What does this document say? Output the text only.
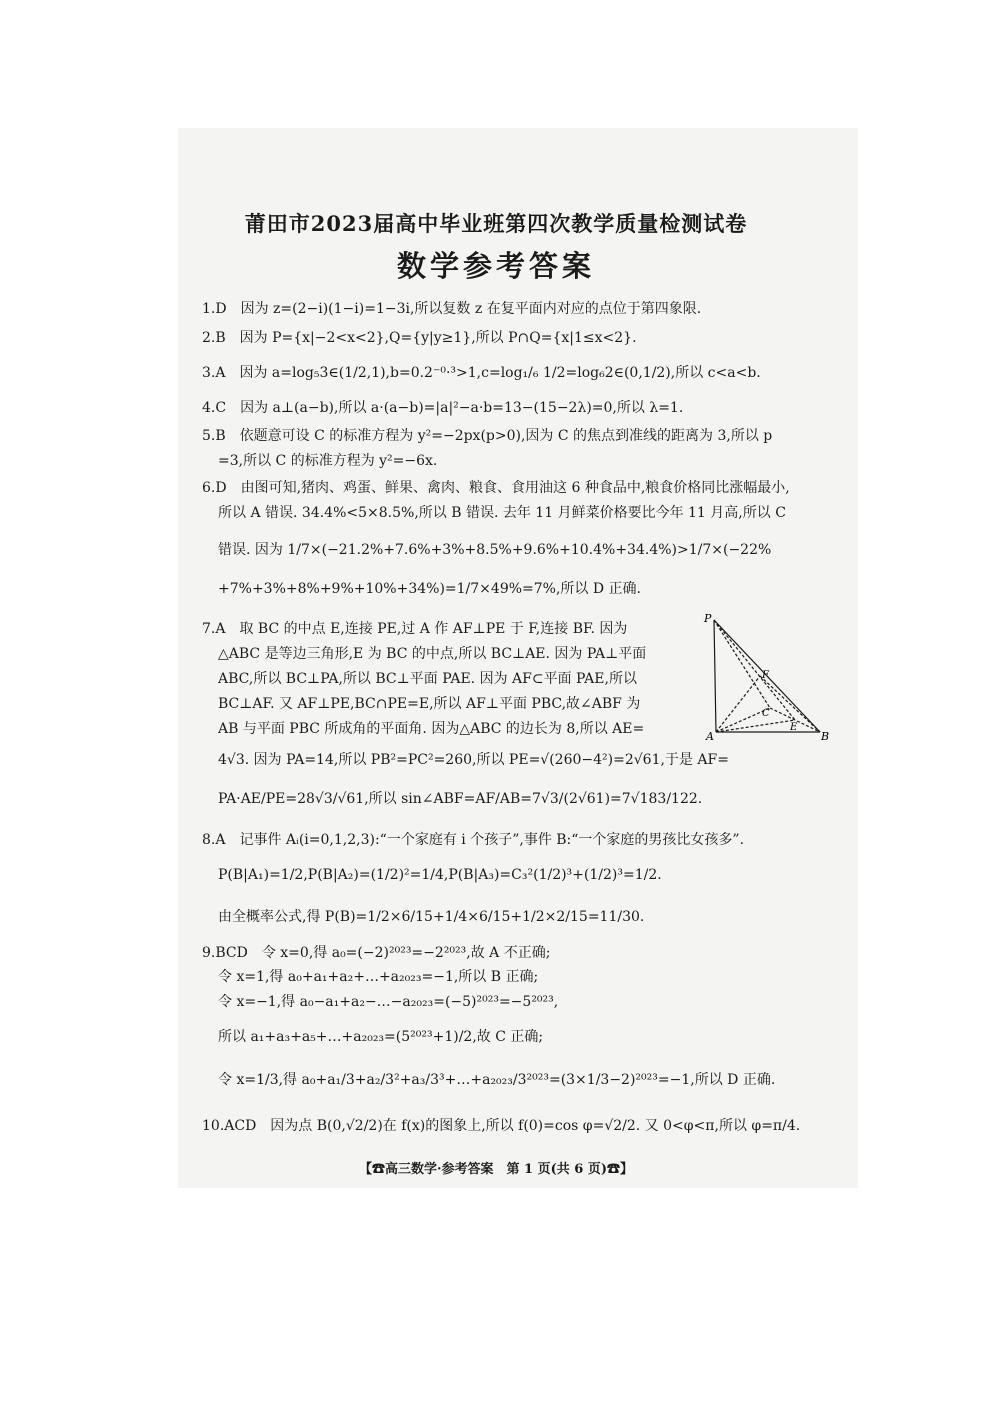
莆田市2023届高中毕业班第四次教学质量检测试卷
数学参考答案
1.D　因为 z=(2−i)(1−i)=1−3i,所以复数 z 在复平面内对应的点位于第四象限.
2.B　因为 P={x|−2<x<2},Q={y|y≥1},所以 P∩Q={x|1≤x<2}.
3.A　因为 a=log₅3∈(1/2,1),b=0.2⁻⁰·³>1,c=log₁/₆ 1/2=log₆2∈(0,1/2),所以 c<a<b.
4.C　因为 a⊥(a−b),所以 a·(a−b)=|a|²−a·b=13−(15−2λ)=0,所以 λ=1.
5.B　依题意可设 C 的标准方程为 y²=−2px(p>0),因为 C 的焦点到准线的距离为 3,所以 p
=3,所以 C 的标准方程为 y²=−6x.
6.D　由图可知,猪肉、鸡蛋、鲜果、禽肉、粮食、食用油这 6 种食品中,粮食价格同比涨幅最小,
所以 A 错误. 34.4%<5×8.5%,所以 B 错误. 去年 11 月鲜菜价格要比今年 11 月高,所以 C
错误. 因为 1/7×(−21.2%+7.6%+3%+8.5%+9.6%+10.4%+34.4%)>1/7×(−22%
+7%+3%+8%+9%+10%+34%)=1/7×49%=7%,所以 D 正确.
7.A　取 BC 的中点 E,连接 PE,过 A 作 AF⊥PE 于 F,连接 BF. 因为
△ABC 是等边三角形,E 为 BC 的中点,所以 BC⊥AE. 因为 PA⊥平面
ABC,所以 BC⊥PA,所以 BC⊥平面 PAE. 因为 AF⊂平面 PAE,所以
BC⊥AF. 又 AF⊥PE,BC∩PE=E,所以 AF⊥平面 PBC,故∠ABF 为
AB 与平面 PBC 所成角的平面角. 因为△ABC 的边长为 8,所以 AE=
4√3. 因为 PA=14,所以 PB²=PC²=260,所以 PE=√(260−4²)=2√61,于是 AF=
PA·AE/PE=28√3/√61,所以 sin∠ABF=AF/AB=7√3/(2√61)=7√183/122.
8.A　记事件 Aᵢ(i=0,1,2,3):“一个家庭有 i 个孩子”,事件 B:“一个家庭的男孩比女孩多”.
P(B|A₁)=1/2,P(B|A₂)=(1/2)²=1/4,P(B|A₃)=C₃²(1/2)³+(1/2)³=1/2.
由全概率公式,得 P(B)=1/2×6/15+1/4×6/15+1/2×2/15=11/30.
9.BCD　令 x=0,得 a₀=(−2)²⁰²³=−2²⁰²³,故 A 不正确;
令 x=1,得 a₀+a₁+a₂+…+a₂₀₂₃=−1,所以 B 正确;
令 x=−1,得 a₀−a₁+a₂−…−a₂₀₂₃=(−5)²⁰²³=−5²⁰²³,
所以 a₁+a₃+a₅+…+a₂₀₂₃=(5²⁰²³+1)/2,故 C 正确;
令 x=1/3,得 a₀+a₁/3+a₂/3²+a₃/3³+…+a₂₀₂₃/3²⁰²³=(3×1/3−2)²⁰²³=−1,所以 D 正确.
10.ACD　因为点 B(0,√2/2)在 f(x)的图象上,所以 f(0)=cos φ=√2/2. 又 0<φ<π,所以 φ=π/4.
P
A	B
C
E
F
【☎高三数学·参考答案　第 1 页(共 6 页)☎】
